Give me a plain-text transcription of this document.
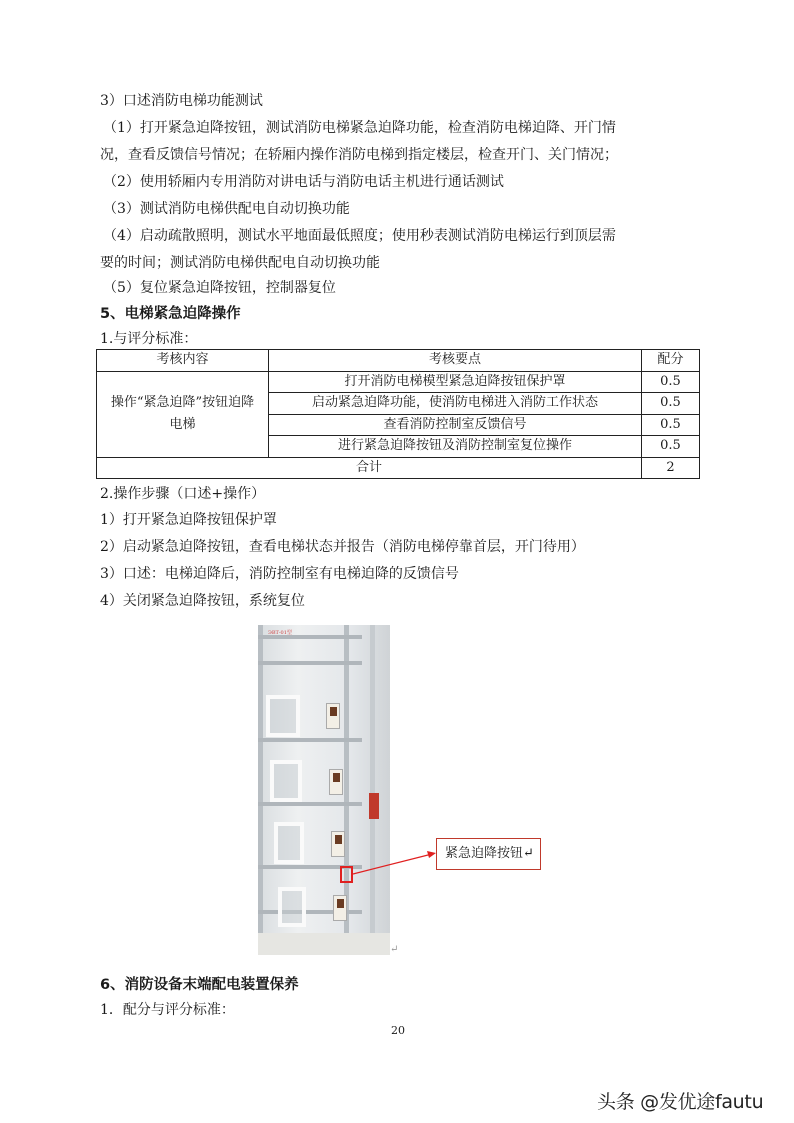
3）口述消防电梯功能测试
（1）打开紧急迫降按钮，测试消防电梯紧急迫降功能，检查消防电梯迫降、开门情
况，查看反馈信号情况；在轿厢内操作消防电梯到指定楼层，检查开门、关门情况；
（2）使用轿厢内专用消防对讲电话与消防电话主机进行通话测试
（3）测试消防电梯供配电自动切换功能
（4）启动疏散照明，测试水平地面最低照度；使用秒表测试消防电梯运行到顶层需
要的时间；测试消防电梯供配电自动切换功能
（5）复位紧急迫降按钮，控制器复位
5、电梯紧急迫降操作
1.与评分标准：
考核内容	考核要点	配分
操作“紧急迫降”按钮迫降电梯	打开消防电梯模型紧急迫降按钮保护罩	0.5
	启动紧急迫降功能，使消防电梯进入消防工作状态	0.5
	查看消防控制室反馈信号	0.5
	进行紧急迫降按钮及消防控制室复位操作	0.5
合计		2
2.操作步骤（口述+操作）
1）打开紧急迫降按钮保护罩
2）启动紧急迫降按钮，查看电梯状态并报告（消防电梯停靠首层，开门待用）
3）口述：电梯迫降后，消防控制室有电梯迫降的反馈信号
4）关闭紧急迫降按钮，系统复位
ЭВТ-01型
紧急迫降按钮↵
↵
6、消防设备末端配电装置保养
1．配分与评分标准：
20
头条 @发优途fautu
